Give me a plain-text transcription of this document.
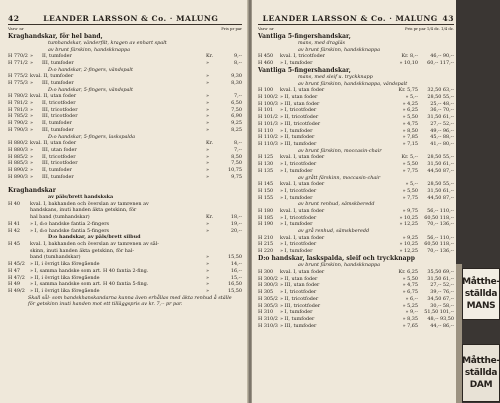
42	LEANDER LARSSON & Co. · MALUNG
Varu- nr	Pris pr par
Kraghandskar, för hel band,
tumhandskar, vänderfilt, kragen av enhart spalt
av brunt färskinn, handskknappa
H 770/2 »	II, tumfoder	Kr.	9,--
H 771/2 »	III, tumfoder	»	8,--
D:o handskar, 2-fingers, vändspalt
H 775/2 kval. II, tumfoder	»	9,30
H 775/3 »	III, tumfoder	»	8,30
D:o handskar, 5-fingers, vändspalt
H 780/2 kval. II, utan foder	»	7,--
H 781/2 »	II, tricotfoder	»	6,50
H 781/3 »	III, tricotfoder	»	7,50
H 785/2 »	III, tricotfoder	»	6,90
H 790/2 »	II, tumfoder	»	9,25
H 790/3 »	III, tumfoder	»	8,25
D:o handskar, 5-fingers, laskspalda
H 880/2 kval. II, utan foder	Kr.	8,--
H 880/3 »	III, utan foder	»	7,--
H 885/2 »	II, tricotfoder	»	8,50
H 885/3 »	III, tricotfoder	»	7,50
H 890/2 »	II, tumfoder	»	10,75
H 890/3 »	III, tumfoder	»	9,75
Kraghandskar
av päls/brett handskska
H 40	kval. I, bakhanden och överslan av tamrenen av
handskans, inuti handen äkta getskinn, för
hal band (tumhandskar)	Kr.	18,--
H 41	» I, d:o handske fantia 2-fingers	»	19,--
H 42	» I, d:o handske fantia 5-fingers	»	20,--
D:o handskar, av päls/brett silbud
H 45	kval. I, bakhanden och överslan av tamrenen av sål-
skinn, inuti handen äkta getskinn, för hal-
band (tumhandskar)	»	15,50
H 45/2	» II, i övrigt lika föregående	»	14,--
H 47	» I, samma handske som art. H 40 fantia 2-fing.	»	16,--
H 47/2	» II, i övrigt lika föregående	»	15,--
H 49	» I, samma handske som art. H 40 fantia 5-fing.	»	16,50
H 49/2	» II, i övrigt lika föregående	»	15,50
Skall sål- som handskhanskandarna kunna även erhållas med äkta renhud å ställe för getskinn inuti handen mot ett tilläggspris av kr. 7,-- pr par.
LEANDER LARSSON & Co. · MALUNG 43
Varu- nr	Pris pr par 1/4 dz. 1/4 dz.
Vantliga 5-fingershandskar,
mans, med dragläs
av brunt färskinn, handskknappa
H 450	kval. I, tricotfoder	Kr. 8,--	46,-- 90,--
H 460	» I, tumfoder	» 10,10	60,-- 117,--
Vantliga 5-fingershandskar,
mans, med sleif u. tryckknapp
av brunt färskinn, handskknappa, vändspalt
H 100	kval. I, utan foder	Kr. 5,75	32,50 63,--
H 100/2 » II, utan foder	» 5,--	28,50 55,--
H 100/3 » III, utan foder	» 4,25	25,-- 48,--
H 101	» I, tricotfoder	» 6,25	36,-- 70,--
H 101/2 » II, tricotfoder	» 5,50	31,50 61,--
H 101/3 » III, tricotfoder	» 4,75	27,-- 52,--
H 110	» I, tumfoder	» 8,50	49,-- 96,--
H 110/2 » II, tumfoder	» 7,85	45,-- 88,--
H 110/3 » III, tumfoder	» 7,15	41,-- 80,--
av brunt färskinn, moccasin-chair
H 125	kval. I, utan foder	Kr. 5,--	28,50 55,--
H 130	» I, tricotfoder	» 5,50	31,50 61,--
H 135	» I, tumfoder	» 7,75	44,50 87,--
av grått färskinn, moccasin-chair
H 145	kval. I, utan foder	» 5,--	28,50 55,--
H 150	» I, tricotfoder	» 5,50	31,50 61,--
H 155	» I, tumfoder	» 7,75	44,50 87,--
av brunt renhud, sämskberedd
H 180	kval. I, utan foder	» 9,75	56,-- 110,--
H 185	» I, tricotfoder	» 10,25	60,50 118,--
H 190	» I, tumfoder	» 12,25	70,-- 136,--
av grå renhud, sämskberedd
H 210	kval. I, utan foder	» 9,25	56,-- 110,--
H 215	» I, tricotfoder	» 10,25	60,50 118,--
H 220	» I, tumfoder	» 12,25	70,-- 136,--
D:o handskar, laskspalda, sleif och tryckknapp
av brunt färskinn, handskknappa
H 300	kval. I, utan foder	Kr. 6,25	35,50 69,--
H 300/2 » II, utan foder	» 5,50	31,50 61,--
H 300/3 » III, utan foder	» 4,75	27,-- 52,--
H 305	» I, tricotfoder	» 6,75	39,-- 76,--
H 305/2 » II, tricotfoder	» 6,--	34,50 67,--
H 305/3 » III, tricotfoder	» 5,25	30,-- 58,--
H 310	» I, tumfoder	» 9,--	51,50 101,--
H 310/2 » II, tumfoder	» 8,35	48,-- 93,50
H 310/3 » III, tumfoder	» 7,65	44,-- 86,--
Måtthe-
ställda
MANS
Måtthe-
ställda
DAM
